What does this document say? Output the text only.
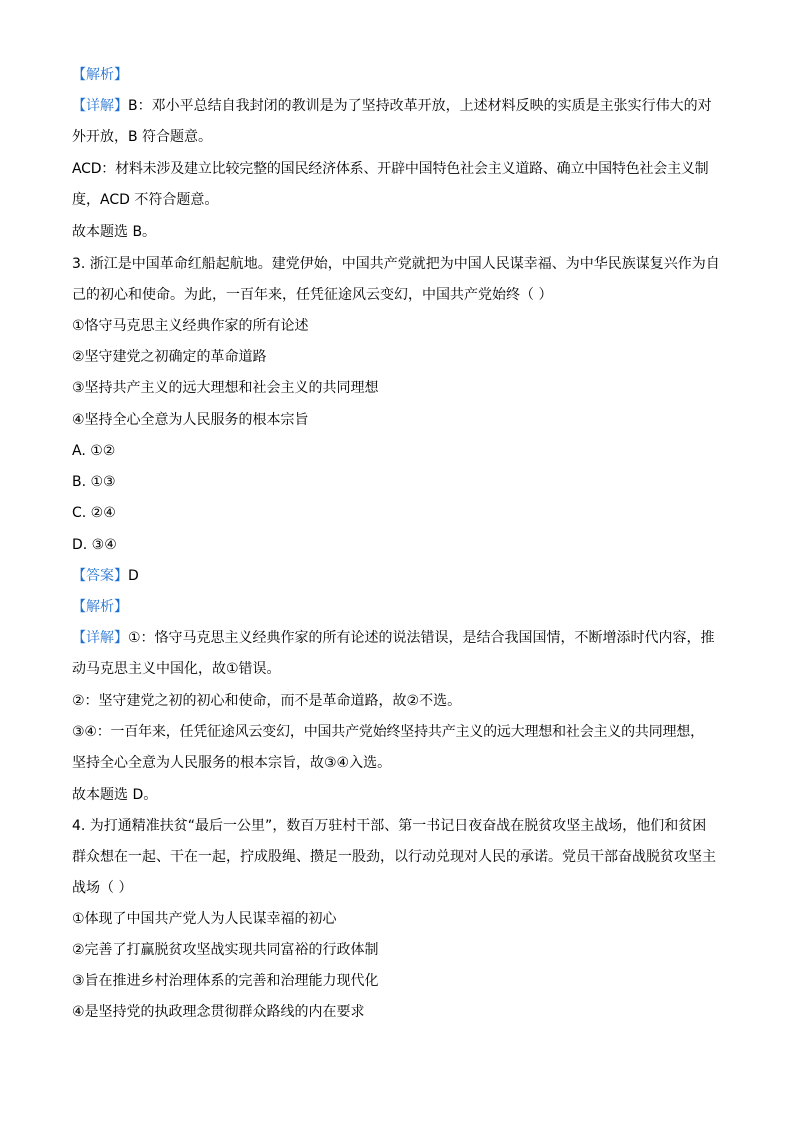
【解析】
【详解】B：邓小平总结自我封闭的教训是为了坚持改革开放，上述材料反映的实质是主张实行伟大的对
外开放，B 符合题意。
ACD：材料未涉及建立比较完整的国民经济体系、开辟中国特色社会主义道路、确立中国特色社会主义制
度，ACD 不符合题意。
故本题选 B。
3. 浙江是中国革命红船起航地。建党伊始，中国共产党就把为中国人民谋幸福、为中华民族谋复兴作为自
己的初心和使命。为此，一百年来，任凭征途风云变幻，中国共产党始终（ ）
①恪守马克思主义经典作家的所有论述
②坚守建党之初确定的革命道路
③坚持共产主义的远大理想和社会主义的共同理想
④坚持全心全意为人民服务的根本宗旨
A. ①②
B. ①③
C. ②④
D. ③④
【答案】D
【解析】
【详解】①：恪守马克思主义经典作家的所有论述的说法错误，是结合我国国情，不断增添时代内容，推
动马克思主义中国化，故①错误。
②：坚守建党之初的初心和使命，而不是革命道路，故②不选。
③④：一百年来，任凭征途风云变幻，中国共产党始终坚持共产主义的远大理想和社会主义的共同理想，
坚持全心全意为人民服务的根本宗旨，故③④入选。
故本题选 D。
4. 为打通精准扶贫“最后一公里”，数百万驻村干部、第一书记日夜奋战在脱贫攻坚主战场，他们和贫困
群众想在一起、干在一起，拧成股绳、攒足一股劲，以行动兑现对人民的承诺。党员干部奋战脱贫攻坚主
战场（ ）
①体现了中国共产党人为人民谋幸福的初心
②完善了打赢脱贫攻坚战实现共同富裕的行政体制
③旨在推进乡村治理体系的完善和治理能力现代化
④是坚持党的执政理念贯彻群众路线的内在要求
